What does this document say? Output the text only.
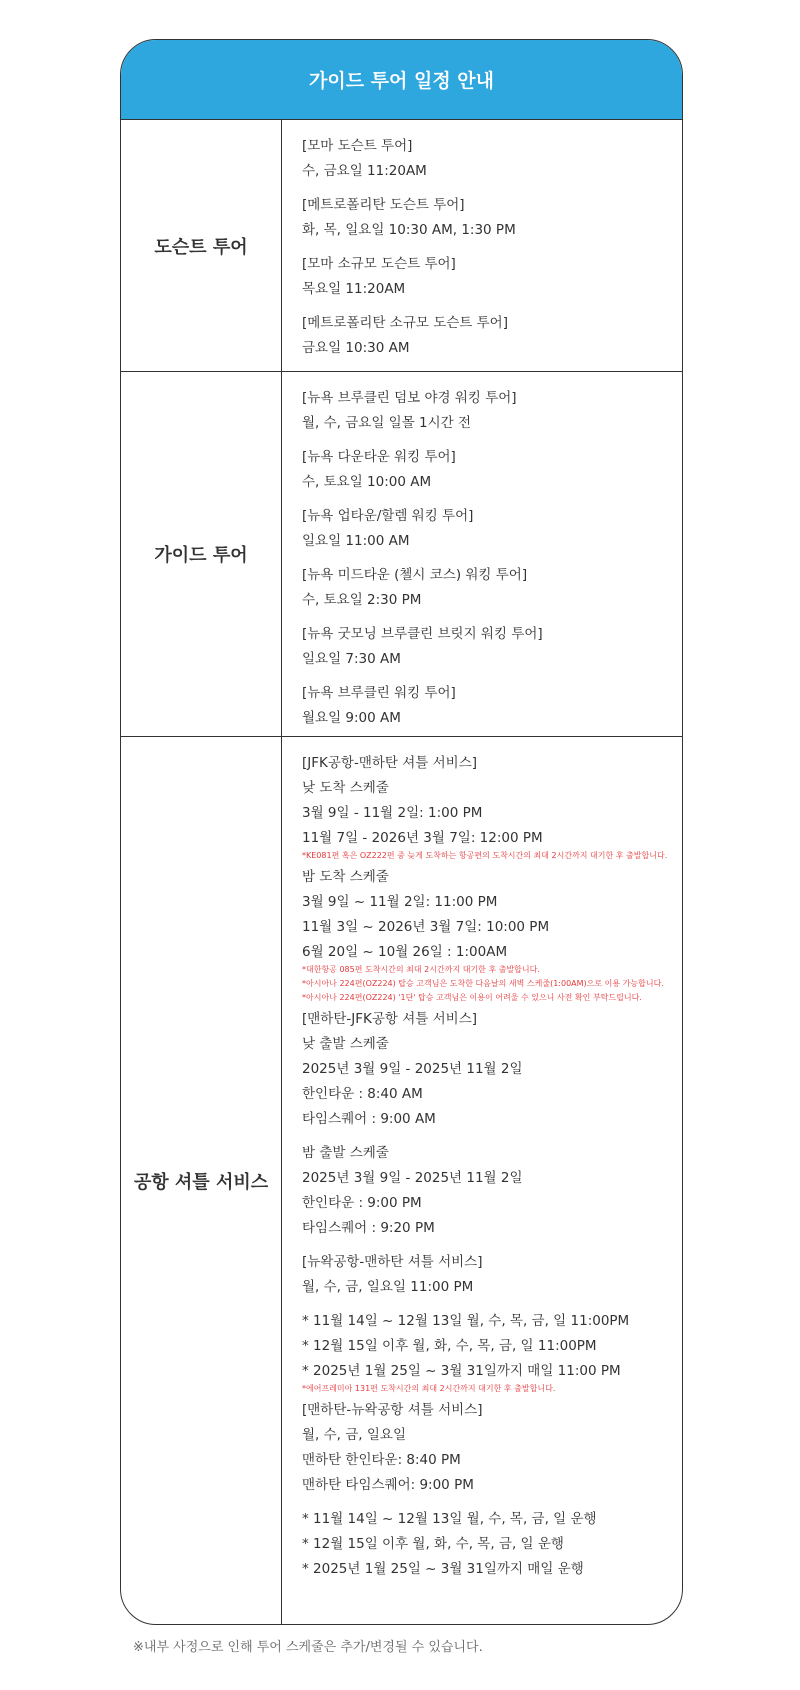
가이드 투어 일정 안내
도슨트 투어
[모마 도슨트 투어]
수, 금요일 11:20AM
[메트로폴리탄 도슨트 투어]
화, 목, 일요일 10:30 AM, 1:30 PM
[모마 소규모 도슨트 투어]
목요일 11:20AM
[메트로폴리탄 소규모 도슨트 투어]
금요일 10:30 AM
가이드 투어
[뉴욕 브루클린 덤보 야경 워킹 투어]
월, 수, 금요일 일몰 1시간 전
[뉴욕 다운타운 워킹 투어]
수, 토요일 10:00 AM
[뉴욕 업타운/할렘 워킹 투어]
일요일 11:00 AM
[뉴욕 미드타운 (첼시 코스) 워킹 투어]
수, 토요일 2:30 PM
[뉴욕 굿모닝 브루클린 브릿지 워킹 투어]
일요일 7:30 AM
[뉴욕 브루클린 워킹 투어]
월요일 9:00 AM
공항 셔틀 서비스
[JFK공항-맨하탄 셔틀 서비스]
낮 도착 스케줄
3월 9일 - 11월 2일: 1:00 PM
11월 7일 - 2026년 3월 7일: 12:00 PM
*KE081편 혹은 OZ222편 중 늦게 도착하는 항공편의 도착시간의 최대 2시간까지 대기한 후 출발합니다.
밤 도착 스케줄
3월 9일 ~ 11월 2일: 11:00 PM
11월 3일 ~ 2026년 3월 7일: 10:00 PM
6월 20일 ~ 10월 26일 : 1:00AM
*대한항공 085편 도착시간의 최대 2시간까지 대기한 후 출발합니다.
*아시아나 224편(OZ224) 탑승 고객님은 도착한 다음날의 새벽 스케줄(1:00AM)으로 이용 가능합니다.
*아시아나 224편(OZ224) '1단' 탑승 고객님은 이용이 어려울 수 있으니 사전 확인 부탁드립니다.
[맨하탄-JFK공항 셔틀 서비스]
낮 출발 스케줄
2025년 3월 9일 - 2025년 11월 2일
한인타운 : 8:40 AM
타임스퀘어 : 9:00 AM
밤 출발 스케줄
2025년 3월 9일 - 2025년 11월 2일
한인타운 : 9:00 PM
타임스퀘어 : 9:20 PM
[뉴왁공항-맨하탄 셔틀 서비스]
월, 수, 금, 일요일 11:00 PM
* 11월 14일 ~ 12월 13일 월, 수, 목, 금, 일 11:00PM
* 12월 15일 이후 월, 화, 수, 목, 금, 일 11:00PM
* 2025년 1월 25일 ~ 3월 31일까지 매일 11:00 PM
*에어프레미아 131편 도착시간의 최대 2시간까지 대기한 후 출발합니다.
[맨하탄-뉴왁공항 셔틀 서비스]
월, 수, 금, 일요일
맨하탄 한인타운: 8:40 PM
맨하탄 타임스퀘어: 9:00 PM
* 11월 14일 ~ 12월 13일 월, 수, 목, 금, 일 운행
* 12월 15일 이후 월, 화, 수, 목, 금, 일 운행
* 2025년 1월 25일 ~ 3월 31일까지 매일 운행
※내부 사정으로 인해 투어 스케줄은 추가/변경될 수 있습니다.
